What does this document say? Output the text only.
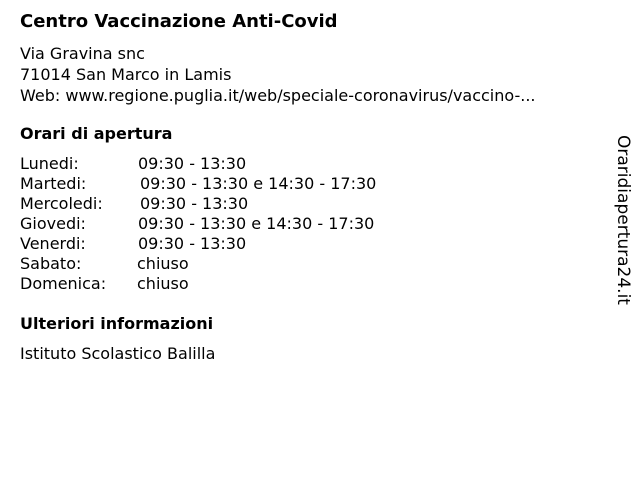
Centro Vaccinazione Anti-Covid
Via Gravina snc
71014 San Marco in Lamis
Web: www.regione.puglia.it/web/speciale-coronavirus/vaccino-...
Orari di apertura
Lunedi:	09:30 - 13:30
Martedi:	09:30 - 13:30 e 14:30 - 17:30
Mercoledi: 09:30 - 13:30
Giovedi:	09:30 - 13:30 e 14:30 - 17:30
Venerdi:	09:30 - 13:30
Sabato:	chiuso
Domenica: chiuso
Ulteriori informazioni
Istituto Scolastico Balilla
Oraridiapertura24.it
